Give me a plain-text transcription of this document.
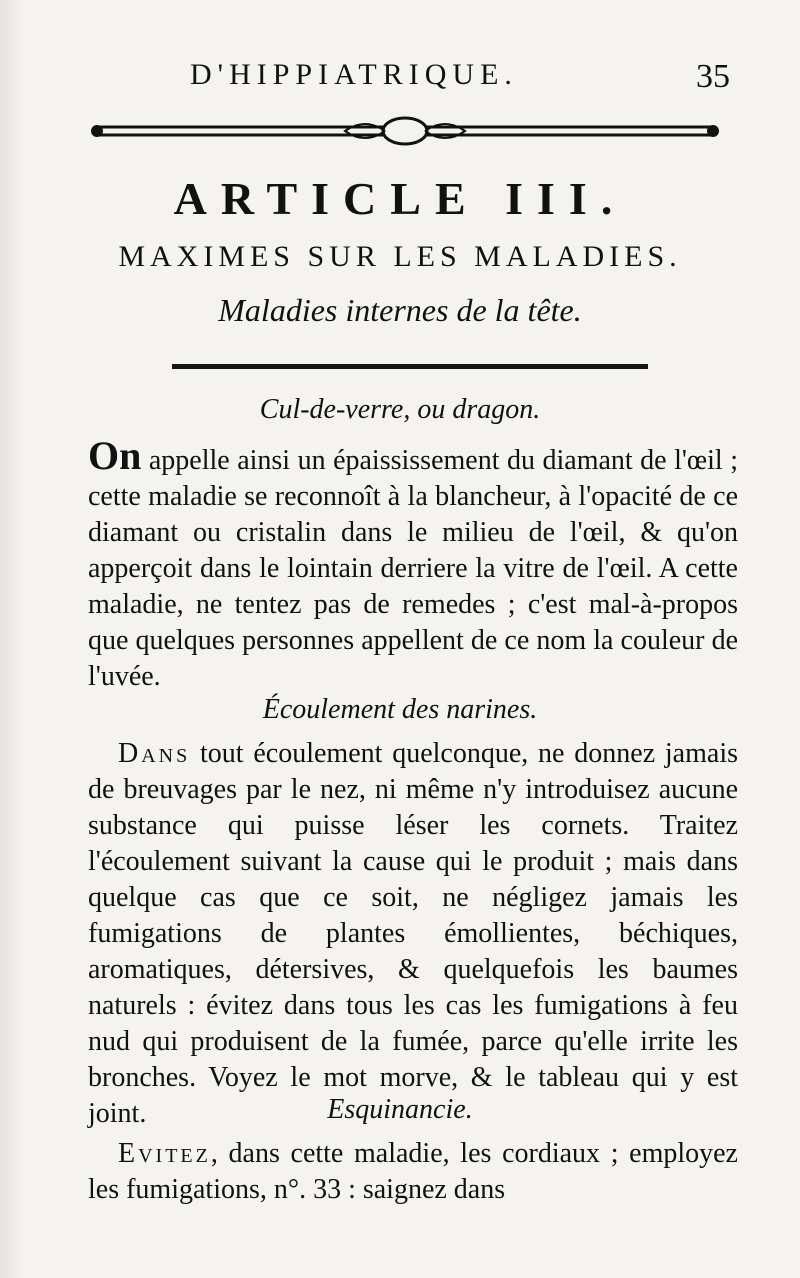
D'HIPPIATRIQUE.	35
ARTICLE III.
MAXIMES SUR LES MALADIES.
Maladies internes de la tête.
Cul-de-verre, ou dragon.
On appelle ainsi un épaississement du diamant de l'œil ; cette maladie se reconnoît à la blancheur, à l'opacité de ce diamant ou cristalin dans le milieu de l'œil, & qu'on apperçoit dans le lointain derriere la vitre de l'œil. A cette maladie, ne tentez pas de remedes ; c'est mal-à-propos que quelques personnes appellent de ce nom la couleur de l'uvée.
Écoulement des narines.
Dans tout écoulement quelconque, ne donnez jamais de breuvages par le nez, ni même n'y introduisez aucune substance qui puisse léser les cornets. Traitez l'écoulement suivant la cause qui le produit ; mais dans quelque cas que ce soit, ne négligez jamais les fumigations de plantes émollientes, béchiques, aromatiques, détersives, & quelquefois les baumes naturels : évitez dans tous les cas les fumigations à feu nud qui produisent de la fumée, parce qu'elle irrite les bronches. Voyez le mot morve, & le tableau qui y est joint.	Esquinancie.
Evitez, dans cette maladie, les cordiaux ; employez les fumigations, n°. 33 : saignez dans
